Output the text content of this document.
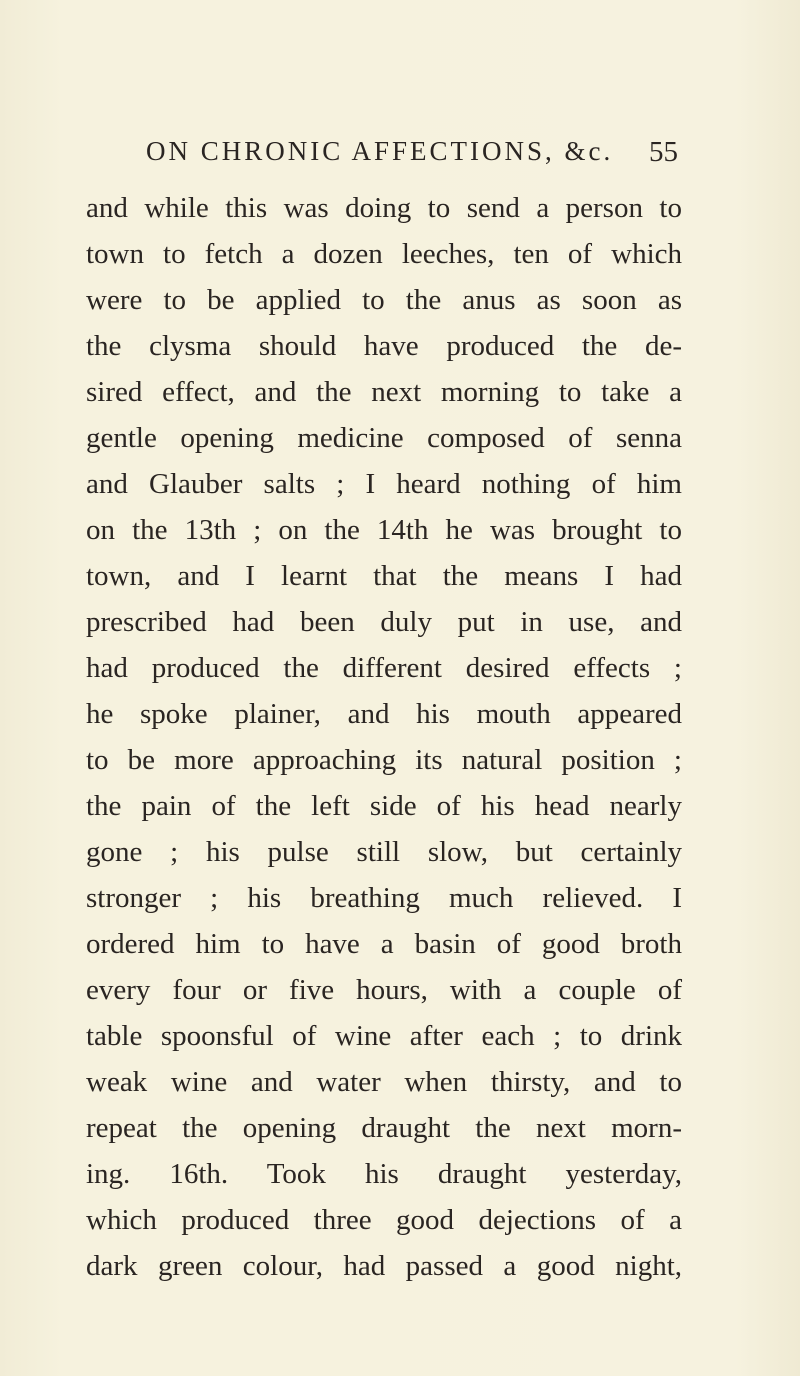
ON CHRONIC AFFECTIONS, &c. 55
and while this was doing to send a person to
town to fetch a dozen leeches, ten of which
were to be applied to the anus as soon as
the clysma should have produced the de-
sired effect, and the next morning to take a
gentle opening medicine composed of senna
and Glauber salts ; I heard nothing of him
on the 13th ; on the 14th he was brought to
town, and I learnt that the means I had
prescribed had been duly put in use, and
had produced the different desired effects ;
he spoke plainer, and his mouth appeared
to be more approaching its natural position ;
the pain of the left side of his head nearly
gone ; his pulse still slow, but certainly
stronger ; his breathing much relieved. I
ordered him to have a basin of good broth
every four or five hours, with a couple of
table spoonsful of wine after each ; to drink
weak wine and water when thirsty, and to
repeat the opening draught the next morn-
ing. 16th. Took his draught yesterday,
which produced three good dejections of a
dark green colour, had passed a good night,
